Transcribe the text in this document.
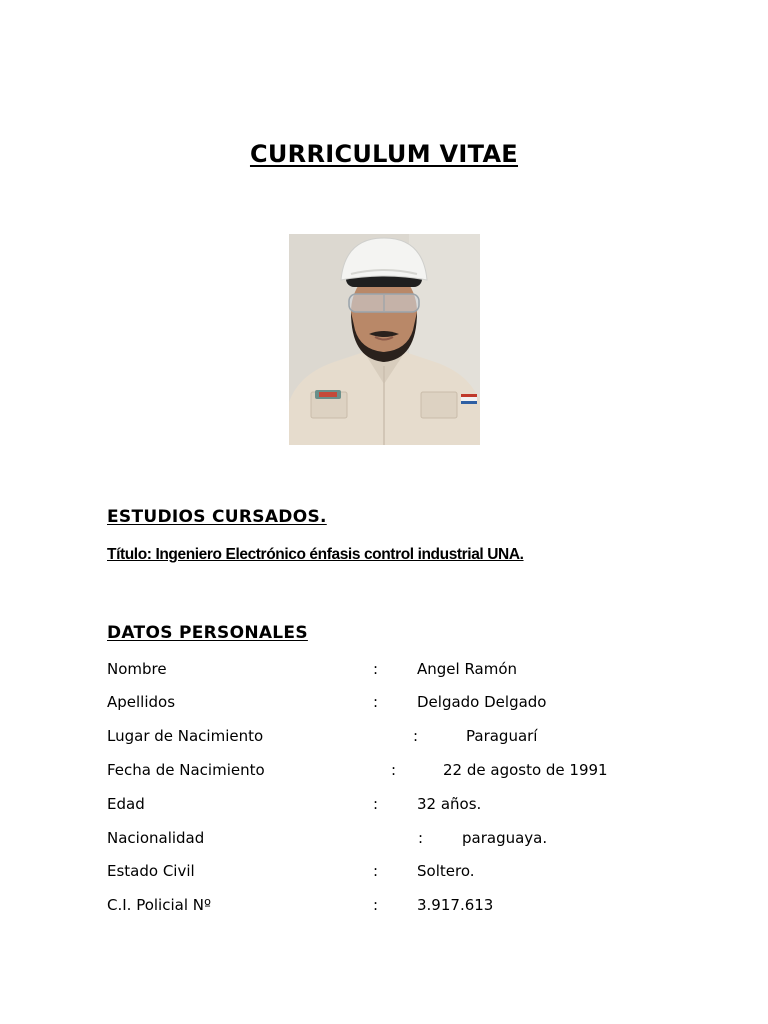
CURRICULUM VITAE
ESTUDIOS CURSADOS.
Título: Ingeniero Electrónico énfasis control industrial UNA.
DATOS PERSONALES
Nombre	:	Angel Ramón
Apellidos	:	Delgado Delgado
Lugar de Nacimiento	:	Paraguarí
Fecha de Nacimiento	:	22 de agosto de 1991
Edad	:	32 años.
Nacionalidad	:	paraguaya.
Estado Civil	:	Soltero.
C.I. Policial Nº	:	3.917.613
